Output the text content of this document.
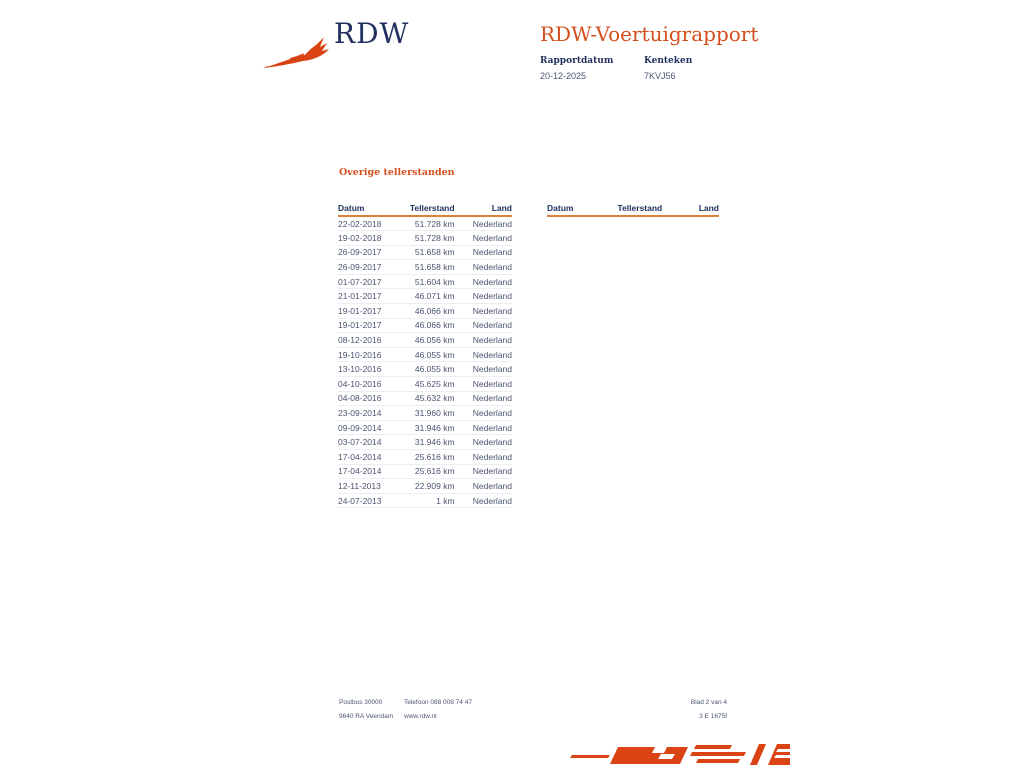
RDW	RDW-Voertuigrapport
Rapportdatum
20-12-2025
Kenteken
7KVJ56
Overige tellerstanden
Datum	Tellerstand	Land
22-02-2018	51.728 km	Nederland
19-02-2018	51.728 km	Nederland
26-09-2017	51.658 km	Nederland
26-09-2017	51.658 km	Nederland
01-07-2017	51.604 km	Nederland
21-01-2017	46.071 km	Nederland
19-01-2017	46.066 km	Nederland
19-01-2017	46.066 km	Nederland
08-12-2016	46.056 km	Nederland
19-10-2016	46.055 km	Nederland
13-10-2016	46.055 km	Nederland
04-10-2016	45.625 km	Nederland
04-08-2016	45.632 km	Nederland
23-09-2014	31.960 km	Nederland
09-09-2014	31.946 km	Nederland
03-07-2014	31.946 km	Nederland
17-04-2014	25.616 km	Nederland
17-04-2014	25.616 km	Nederland
12-11-2013	22.909 km	Nederland
24-07-2013	1 km	Nederland
Datum	Tellerstand	Land
Postbus 30000
9640 RA Veendam
Telefoon 088 008 74 47
www.rdw.nl
Blad 2 van 4
3 E 1675f
